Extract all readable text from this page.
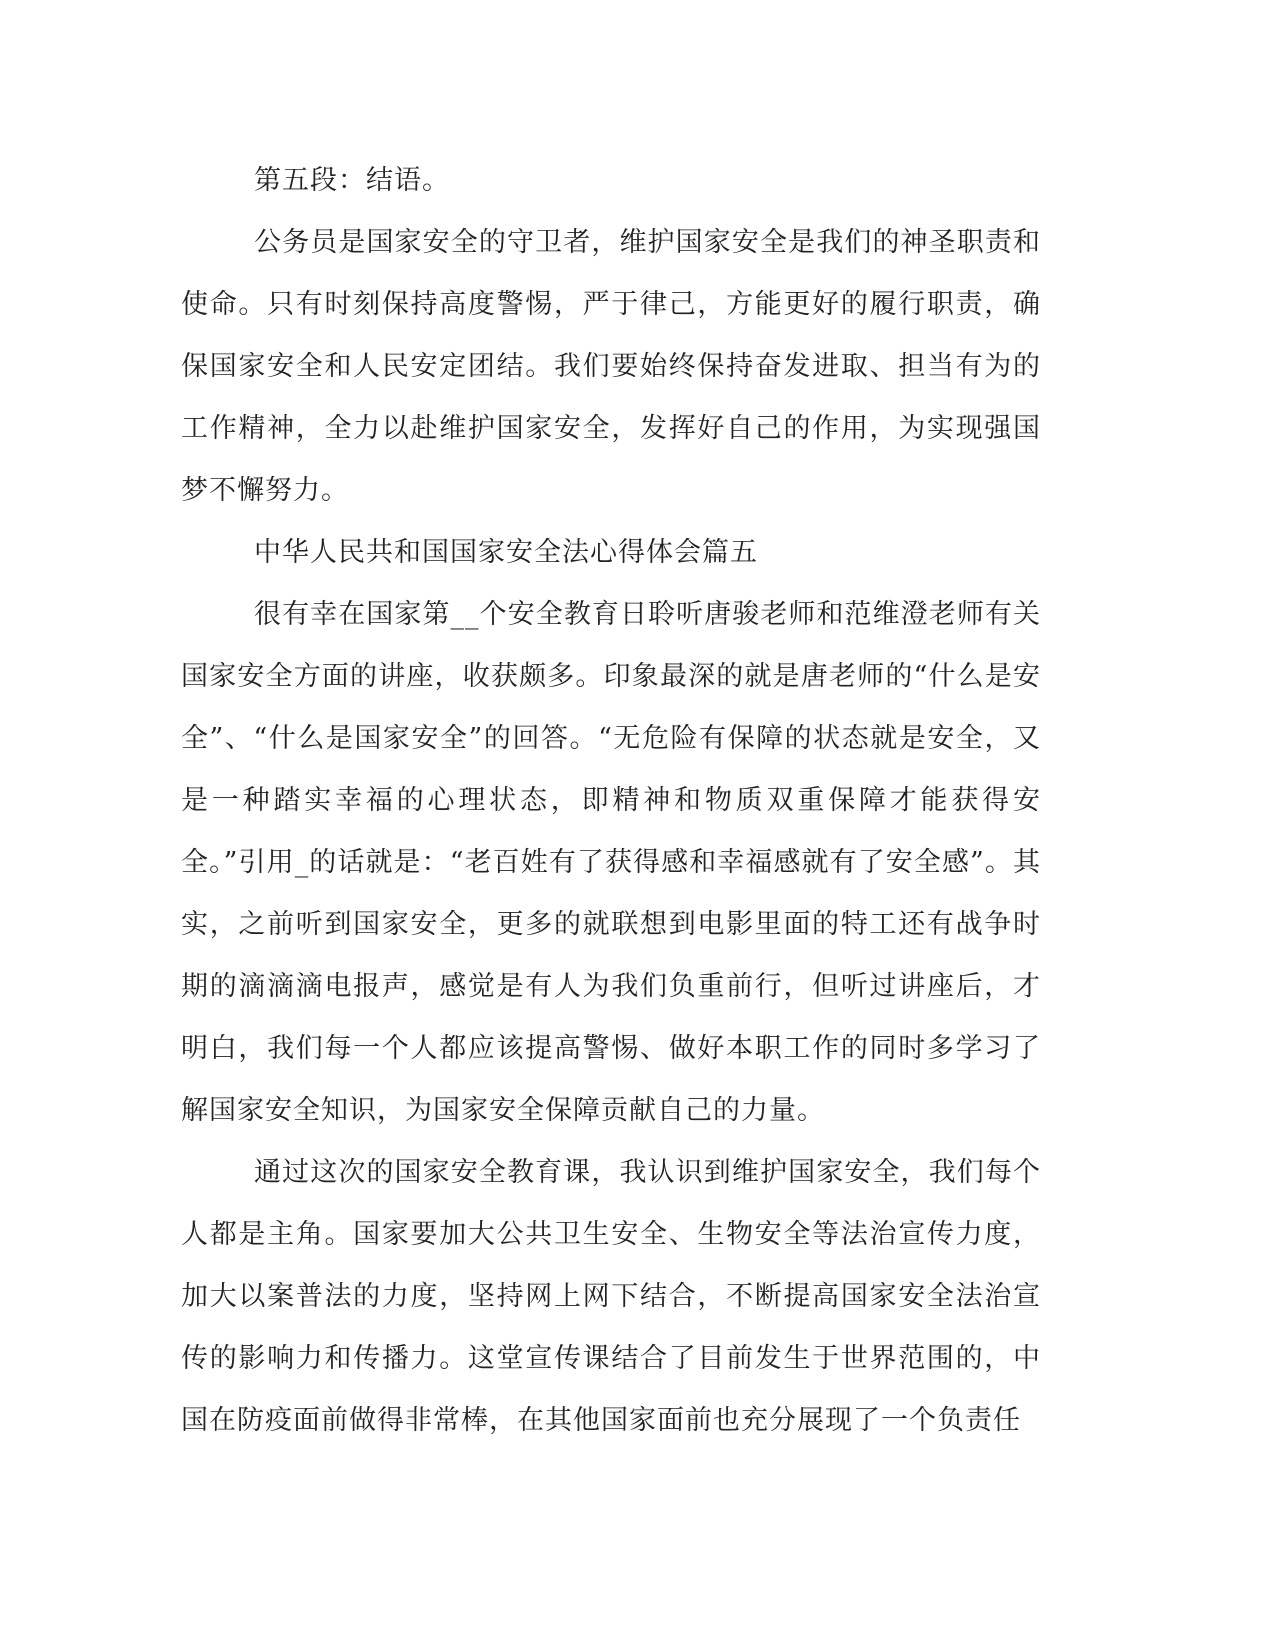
第五段：结语。

公务员是国家安全的守卫者，维护国家安全是我们的神圣职责和使命。只有时刻保持高度警惕，严于律己，方能更好的履行职责，确保国家安全和人民安定团结。我们要始终保持奋发进取、担当有为的工作精神，全力以赴维护国家安全，发挥好自己的作用，为实现强国梦不懈努力。

中华人民共和国国家安全法心得体会篇五

很有幸在国家第__个安全教育日聆听唐骏老师和范维澄老师有关国家安全方面的讲座，收获颇多。印象最深的就是唐老师的“什么是安全”、“什么是国家安全”的回答。“无危险有保障的状态就是安全，又是一种踏实幸福的心理状态，即精神和物质双重保障才能获得安全。”引用_的话就是：“老百姓有了获得感和幸福感就有了安全感”。其实，之前听到国家安全，更多的就联想到电影里面的特工还有战争时期的滴滴滴电报声，感觉是有人为我们负重前行，但听过讲座后，才明白，我们每一个人都应该提高警惕、做好本职工作的同时多学习了解国家安全知识，为国家安全保障贡献自己的力量。

通过这次的国家安全教育课，我认识到维护国家安全，我们每个人都是主角。国家要加大公共卫生安全、生物安全等法治宣传力度，加大以案普法的力度，坚持网上网下结合，不断提高国家安全法治宣传的影响力和传播力。这堂宣传课结合了目前发生于世界范围的，中国在防疫面前做得非常棒，在其他国家面前也充分展现了一个负责任
